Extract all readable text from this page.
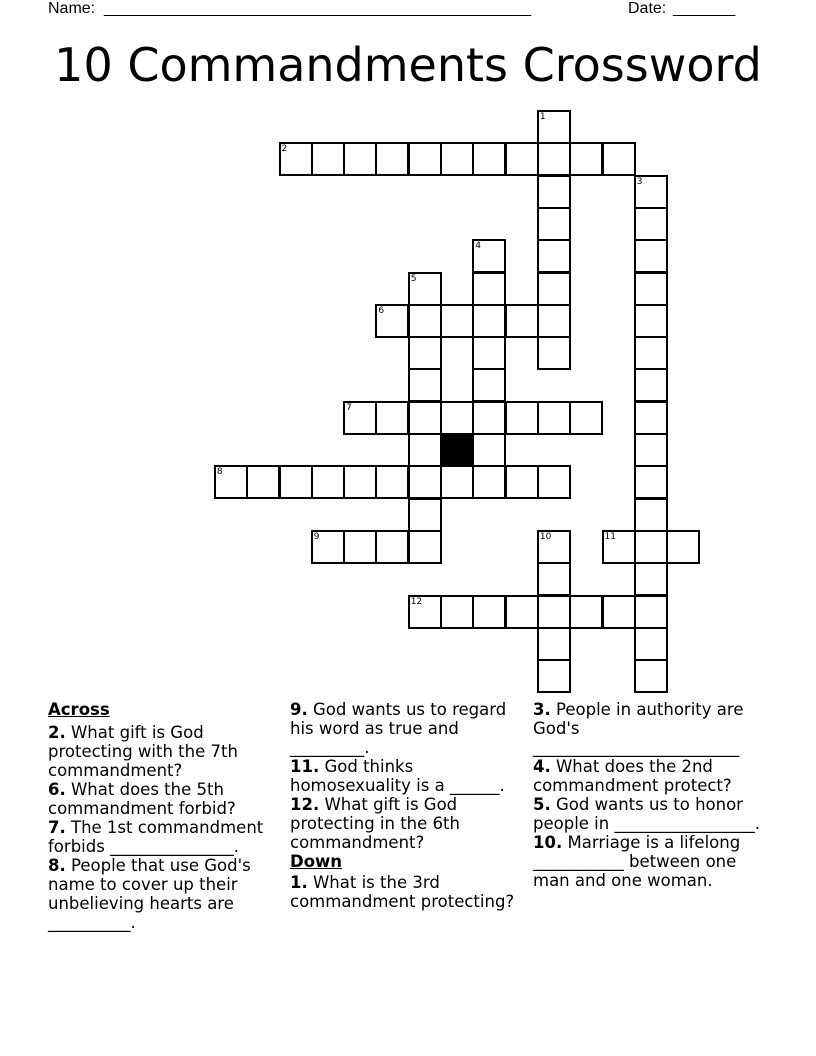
Name: ________________________________________________	Date: _______
10 Commandments Crossword
1
2
3
4
5
6
7
8
9	10	11
12
Across
2. What gift is God protecting with the 7th commandment?
6. What does the 5th commandment forbid?
7. The 1st commandment forbids _______________.
8. People that use God's name to cover up their unbelieving hearts are __________.
9. God wants us to regard his word as true and _________.
11. God thinks homosexuality is a ______.
12. What gift is God protecting in the 6th commandment?
Down
1. What is the 3rd commandment protecting?
3. People in authority are God's _________________________
4. What does the 2nd commandment protect?
5. God wants us to honor people in _________________.
10. Marriage is a lifelong ___________ between one man and one woman.
